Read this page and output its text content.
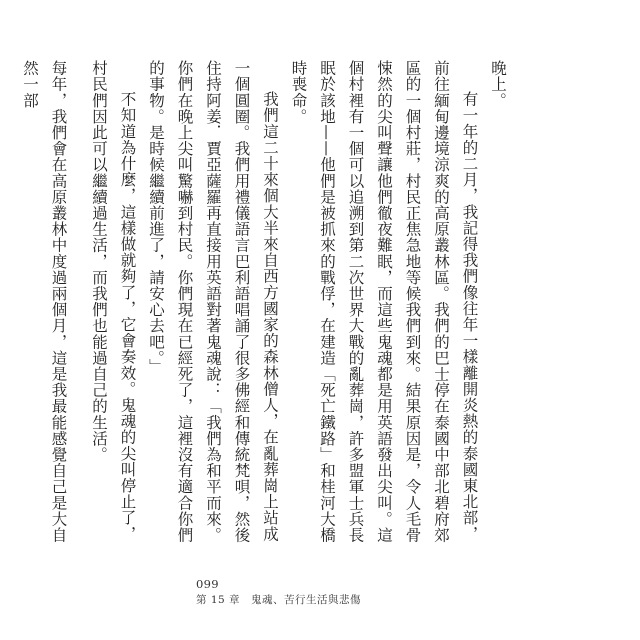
晚上。

有一年的二月，我記得我們像往年一樣離開炎熱的泰國東北部，前往緬甸邊境涼爽的高原叢林區。我們的巴士停在泰國中部北碧府郊區的一個村莊，村民正焦急地等候我們到來。結果原因是，令人毛骨悚然的尖叫聲讓他們徹夜難眠，而這些鬼魂都是用英語發出尖叫。這個村裡有一個可以追溯到第二次世界大戰的亂葬崗，許多盟軍士兵長眠於該地——他們是被抓來的戰俘，在建造「死亡鐵路」和桂河大橋時喪命。

我們這二十來個大半來自西方國家的森林僧人，在亂葬崗上站成一個圓圈。我們用禮儀語言巴利語唱誦了很多佛經和傳統梵唄，然後住持阿姜．賈亞薩羅再直接用英語對著鬼魂說：「我們為和平而來。你們在晚上尖叫驚嚇到村民。你們現在已經死了，這裡沒有適合你們的事物。是時候繼續前進了，請安心去吧。」

不知道為什麼，這樣做就夠了，它會奏效。鬼魂的尖叫停止了，村民們因此可以繼續過生活，而我們也能過自己的生活。

每年，我們會在高原叢林中度過兩個月，這是我最能感覺自己是大自然一部

099
第 15 章　鬼魂、苦行生活與悲傷
